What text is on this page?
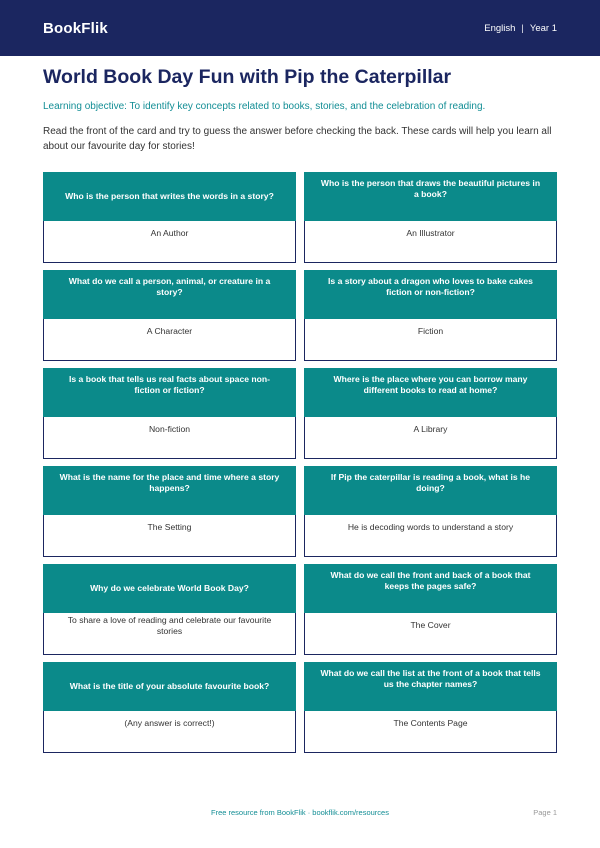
BookFlik	English | Year 1
World Book Day Fun with Pip the Caterpillar

Learning objective: To identify key concepts related to books, stories, and the celebration of reading.

Read the front of the card and try to guess the answer before checking the back. These cards will help you learn all about our favourite day for stories!

Who is the person that writes the words in a story?
An Author
Who is the person that draws the beautiful pictures in a book?
An Illustrator
What do we call a person, animal, or creature in a story?
A Character
Is a story about a dragon who loves to bake cakes fiction or non-fiction?
Fiction
Is a book that tells us real facts about space non-fiction or fiction?
Non-fiction
Where is the place where you can borrow many different books to read at home?
A Library
What is the name for the place and time where a story happens?
The Setting
If Pip the caterpillar is reading a book, what is he doing?
He is decoding words to understand a story
Why do we celebrate World Book Day?
To share a love of reading and celebrate our favourite stories
What do we call the front and back of a book that keeps the pages safe?
The Cover
What is the title of your absolute favourite book?
(Any answer is correct!)
What do we call the list at the front of a book that tells us the chapter names?
The Contents Page
Free resource from BookFlik · bookflik.com/resources	Page 1
